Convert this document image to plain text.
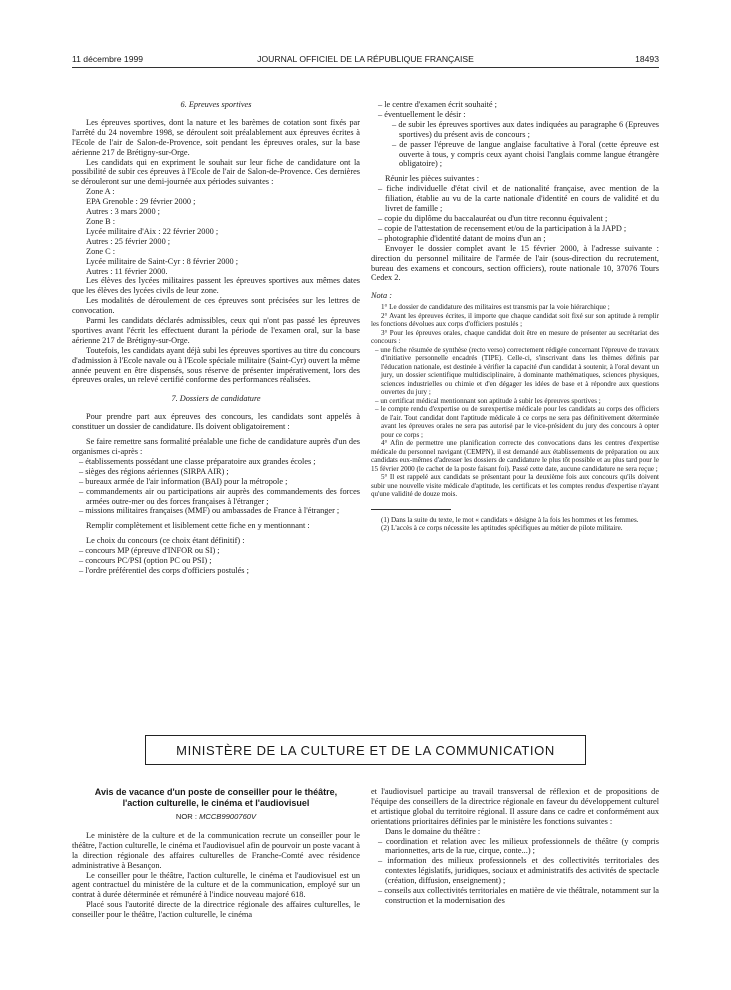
11 décembre 1999	JOURNAL OFFICIEL DE LA RÉPUBLIQUE FRANÇAISE	18493
6. Epreuves sportives
Les épreuves sportives, dont la nature et les barèmes de cotation sont fixés par l'arrêté du 24 novembre 1998, se déroulent soit préalablement aux épreuves écrites à l'Ecole de l'air de Salon-de-Provence, soit pendant les épreuves orales, sur la base aérienne 217 de Brétigny-sur-Orge.
Les candidats qui en expriment le souhait sur leur fiche de candidature ont la possibilité de subir ces épreuves à l'Ecole de l'air de Salon-de-Provence. Ces dernières se dérouleront sur une demi-journée aux périodes suivantes :
Zone A :
EPA Grenoble : 29 février 2000 ;
Autres : 3 mars 2000 ;
Zone B :
Lycée militaire d'Aix : 22 février 2000 ;
Autres : 25 février 2000 ;
Zone C :
Lycée militaire de Saint-Cyr : 8 février 2000 ;
Autres : 11 février 2000.
Les élèves des lycées militaires passent les épreuves sportives aux mêmes dates que les élèves des lycées civils de leur zone.
Les modalités de déroulement de ces épreuves sont précisées sur les lettres de convocation.
Parmi les candidats déclarés admissibles, ceux qui n'ont pas passé les épreuves sportives avant l'écrit les effectuent durant la période de l'examen oral, sur la base aérienne 217 de Brétigny-sur-Orge.
Toutefois, les candidats ayant déjà subi les épreuves sportives au titre du concours d'admission à l'Ecole navale ou à l'Ecole spéciale militaire (Saint-Cyr) ouvert la même année peuvent en être dispensés, sous réserve de présenter impérativement, lors des épreuves orales, un relevé certifié conforme des performances réalisées.
7. Dossiers de candidature
Pour prendre part aux épreuves des concours, les candidats sont appelés à constituer un dossier de candidature. Ils doivent obligatoirement :
Se faire remettre sans formalité préalable une fiche de candidature auprès d'un des organismes ci-après :
– établissements possédant une classe préparatoire aux grandes écoles ;
– sièges des régions aériennes (SIRPA AIR) ;
– bureaux armée de l'air information (BAI) pour la métropole ;
– commandements air ou participations air auprès des commandements des forces armées outre-mer ou des forces françaises à l'étranger ;
– missions militaires françaises (MMF) ou ambassades de France à l'étranger ;
Remplir complètement et lisiblement cette fiche en y mentionnant :
Le choix du concours (ce choix étant définitif) :
– concours MP (épreuve d'INFOR ou SI) ;
– concours PC/PSI (option PC ou PSI) ;
– l'ordre préférentiel des corps d'officiers postulés ;
– le centre d'examen écrit souhaité ;
– éventuellement le désir :
– de subir les épreuves sportives aux dates indiquées au paragraphe 6 (Epreuves sportives) du présent avis de concours ;
– de passer l'épreuve de langue anglaise facultative à l'oral (cette épreuve est ouverte à tous, y compris ceux ayant choisi l'anglais comme langue étrangère obligatoire) ;
Réunir les pièces suivantes :
– fiche individuelle d'état civil et de nationalité française, avec mention de la filiation, établie au vu de la carte nationale d'identité en cours de validité et du livret de famille ;
– copie du diplôme du baccalauréat ou d'un titre reconnu équivalent ;
– copie de l'attestation de recensement et/ou de la participation à la JAPD ;
– photographie d'identité datant de moins d'un an ;
Envoyer le dossier complet avant le 15 février 2000, à l'adresse suivante : direction du personnel militaire de l'armée de l'air (sous-direction du recrutement, bureau des examens et concours, section officiers), route nationale 10, 37076 Tours Cedex 2.
Nota :
1° Le dossier de candidature des militaires est transmis par la voie hiérarchique ;
2° Avant les épreuves écrites, il importe que chaque candidat soit fixé sur son aptitude à remplir les fonctions dévolues aux corps d'officiers postulés ;
3° Pour les épreuves orales, chaque candidat doit être en mesure de présenter au secrétariat des concours :
– une fiche résumée de synthèse (recto verso) correctement rédigée concernant l'épreuve de travaux d'initiative personnelle encadrés (TIPE). Celle-ci, s'inscrivant dans les thèmes définis par l'éducation nationale, est destinée à vérifier la capacité d'un candidat à soutenir, à l'oral devant un jury, un dossier scientifique multidisciplinaire, à dominante mathématiques, sciences physiques, sciences industrielles ou chimie et d'en dégager les idées de base et à répondre aux questions ouvertes du jury ;
– un certificat médical mentionnant son aptitude à subir les épreuves sportives ;
– le compte rendu d'expertise ou de surexpertise médicale pour les candidats au corps des officiers de l'air. Tout candidat dont l'aptitude médicale à ce corps ne sera pas définitivement déterminée avant les épreuves orales ne sera pas autorisé par le vice-président du jury des concours à opter pour ce corps ;
4° Afin de permettre une planification correcte des convocations dans les centres d'expertise médicale du personnel navigant (CEMPN), il est demandé aux établissements de préparation ou aux candidats eux-mêmes d'adresser les dossiers de candidature le plus tôt possible et au plus tard pour le 15 février 2000 (le cachet de la poste faisant foi). Passé cette date, aucune candidature ne sera reçue ;
5° Il est rappelé aux candidats se présentant pour la deuxième fois aux concours qu'ils doivent subir une nouvelle visite médicale d'aptitude, les certificats et les comptes rendus d'expertise n'ayant qu'une validité de douze mois.
(1) Dans la suite du texte, le mot « candidats » désigne à la fois les hommes et les femmes.
(2) L'accès à ce corps nécessite les aptitudes spécifiques au métier de pilote militaire.
MINISTÈRE DE LA CULTURE ET DE LA COMMUNICATION
Avis de vacance d'un poste de conseiller pour le théâtre,
l'action culturelle, le cinéma et l'audiovisuel
NOR : MCCB9900760V
Le ministère de la culture et de la communication recrute un conseiller pour le théâtre, l'action culturelle, le cinéma et l'audiovisuel afin de pourvoir un poste vacant à la direction régionale des affaires culturelles de Franche-Comté avec résidence administrative à Besançon.
Le conseiller pour le théâtre, l'action culturelle, le cinéma et l'audiovisuel est un agent contractuel du ministère de la culture et de la communication, employé sur un contrat à durée déterminée et rémunéré à l'indice nouveau majoré 618.
Placé sous l'autorité directe de la directrice régionale des affaires culturelles, le conseiller pour le théâtre, l'action culturelle, le cinéma
et l'audiovisuel participe au travail transversal de réflexion et de propositions de l'équipe des conseillers de la directrice régionale en faveur du développement culturel et artistique global du territoire régional. Il assure dans ce cadre et conformément aux orientations prioritaires définies par le ministère les fonctions suivantes :
Dans le domaine du théâtre :
– coordination et relation avec les milieux professionnels de théâtre (y compris marionnettes, arts de la rue, cirque, conte...) ;
– information des milieux professionnels et des collectivités territoriales des contextes législatifs, juridiques, sociaux et administratifs des activités de spectacle (création, diffusion, enseignement) ;
– conseils aux collectivités territoriales en matière de vie théâtrale, notamment sur la construction et la modernisation des
